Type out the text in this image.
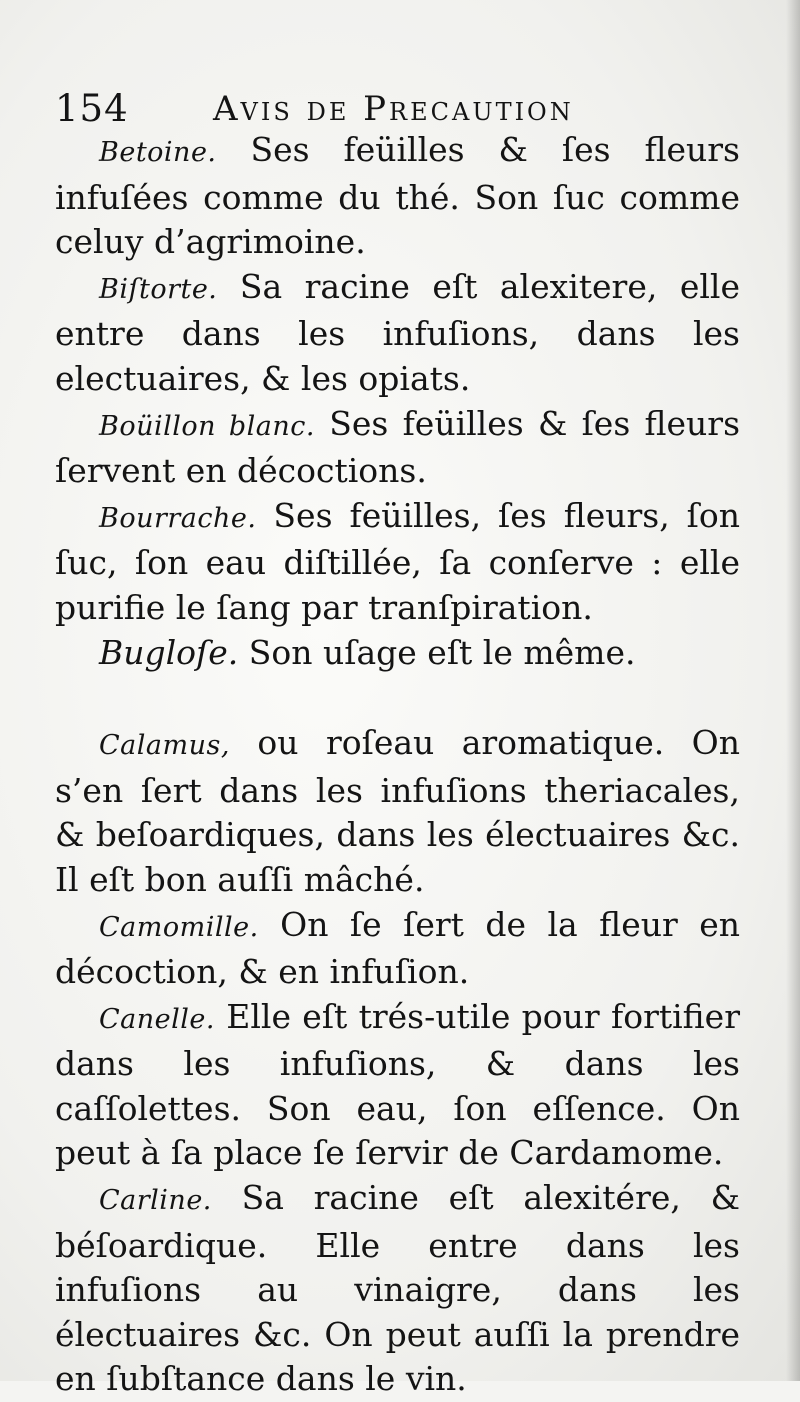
154 Avis de Precaution

Betoine. Ses feüilles & ſes fleurs infuſées comme du thé. Son ſuc comme celuy d’agrimoine.

Biſtorte. Sa racine eſt alexitere, elle entre dans les infuſions, dans les electuaires, & les opiats.

Boüillon blanc. Ses feüilles & ſes fleurs ſervent en décoctions.

Bourrache. Ses feüilles, ſes fleurs, ſon ſuc, ſon eau diſtillée, ſa conſerve : elle purifie le ſang par tranſpiration.

Bugloſe. Son uſage eſt le même.

Calamus, ou roſeau aromatique. On s’en ſert dans les infuſions theriacales, & beſoardiques, dans les électuaires &c. Il eſt bon auſſi mâché.

Camomille. On ſe ſert de la fleur en décoction, & en infuſion.

Canelle. Elle eſt trés-utile pour fortifier dans les infuſions, & dans les caſſolettes. Son eau, ſon eſſence. On peut à ſa place ſe ſervir de Cardamome.

Carline. Sa racine eſt alexitére, & béſoardique. Elle entre dans les infuſions au vinaigre, dans les électuaires &c. On peut auſſi la prendre en ſubſtance dans le vin.
